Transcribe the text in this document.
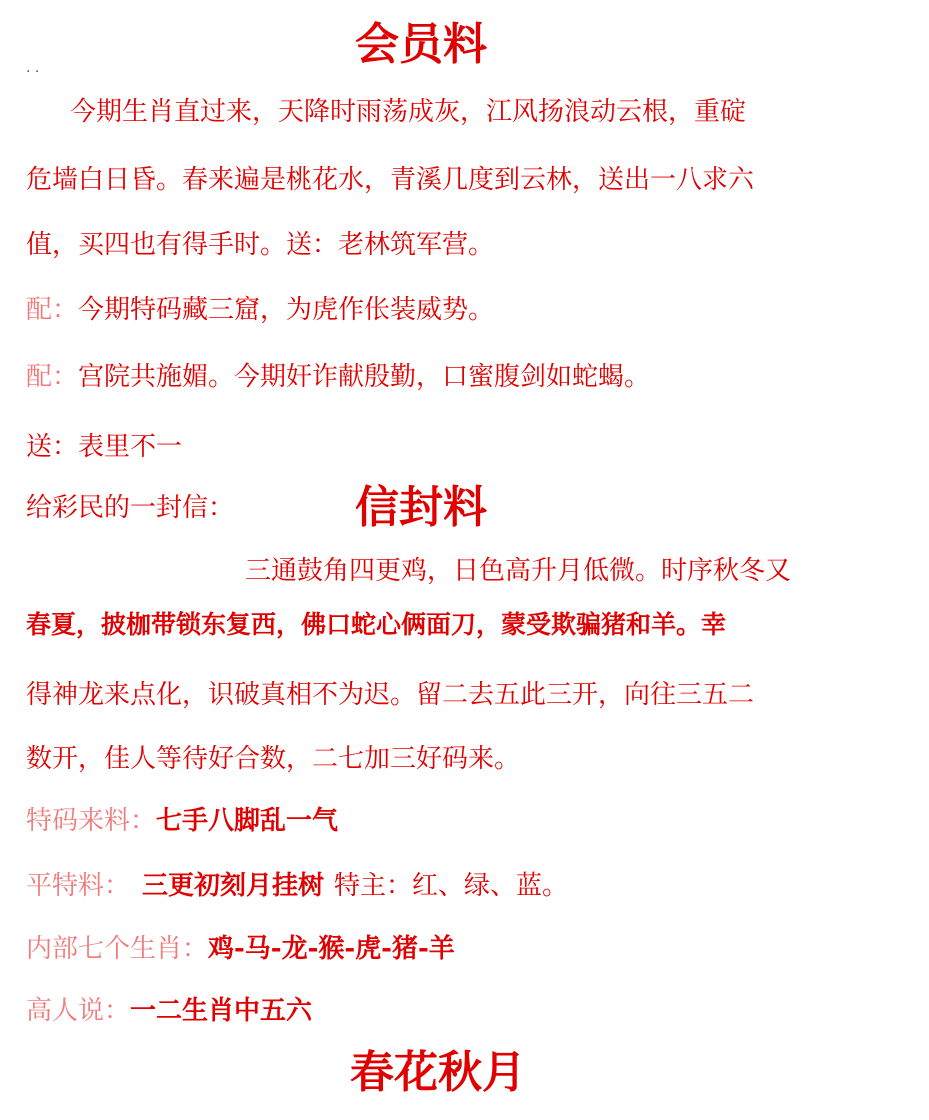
. .	会员料
今期生肖直过来，天降时雨荡成灰，江风扬浪动云根，重碇
危墙白日昏。春来遍是桃花水，青溪几度到云林，送出一八求六
值，买四也有得手时。送：老林筑军营。
配：今期特码藏三窟，为虎作伥装威势。
配：宫院共施媚。今期奸诈献殷勤，口蜜腹剑如蛇蝎。
送：表里不一
给彩民的一封信：	信封料
三通鼓角四更鸡，日色高升月低微。时序秋冬又
春夏，披枷带锁东复西，佛口蛇心俩面刀，蒙受欺骗猪和羊。幸
得神龙来点化，识破真相不为迟。留二去五此三开，向往三五二
数开，佳人等待好合数，二七加三好码来。
特码来料：七手八脚乱一气
平特料： 三更初刻月挂树 特主：红、绿、蓝。
内部七个生肖：鸡-马-龙-猴-虎-猪-羊
高人说：一二生肖中五六
春花秋月
